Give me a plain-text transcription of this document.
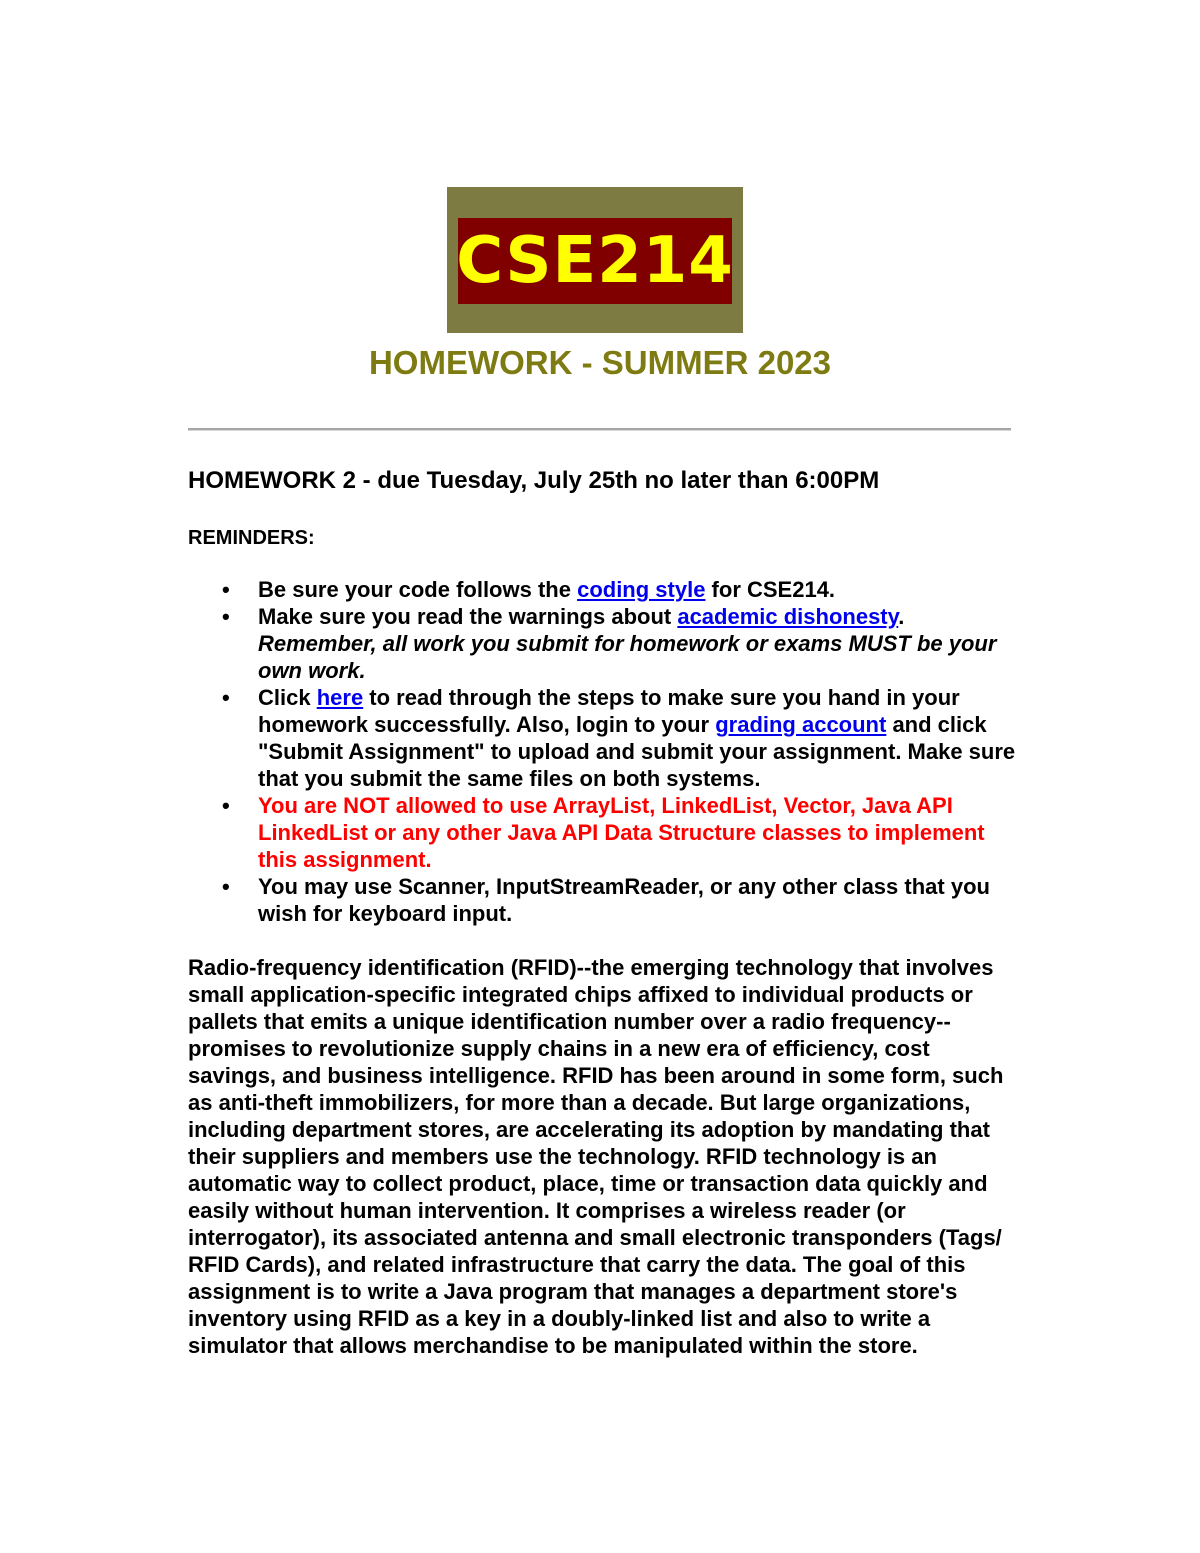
CSE214
HOMEWORK - SUMMER 2023
HOMEWORK 2 - due Tuesday, July 25th no later than 6:00PM

REMINDERS:

• Be sure your code follows the coding style for CSE214.
• Make sure you read the warnings about academic dishonesty. Remember, all work you submit for homework or exams MUST be your own work.
• Click here to read through the steps to make sure you hand in your homework successfully. Also, login to your grading account and click "Submit Assignment" to upload and submit your assignment. Make sure that you submit the same files on both systems.
• You are NOT allowed to use ArrayList, LinkedList, Vector, Java API LinkedList or any other Java API Data Structure classes to implement this assignment.
• You may use Scanner, InputStreamReader, or any other class that you wish for keyboard input.

Radio-frequency identification (RFID)--the emerging technology that involves small application-specific integrated chips affixed to individual products or pallets that emits a unique identification number over a radio frequency-- promises to revolutionize supply chains in a new era of efficiency, cost savings, and business intelligence. RFID has been around in some form, such as anti-theft immobilizers, for more than a decade. But large organizations, including department stores, are accelerating its adoption by mandating that their suppliers and members use the technology. RFID technology is an automatic way to collect product, place, time or transaction data quickly and easily without human intervention. It comprises a wireless reader (or interrogator), its associated antenna and small electronic transponders (Tags/ RFID Cards), and related infrastructure that carry the data. The goal of this assignment is to write a Java program that manages a department store's inventory using RFID as a key in a doubly-linked list and also to write a simulator that allows merchandise to be manipulated within the store.
